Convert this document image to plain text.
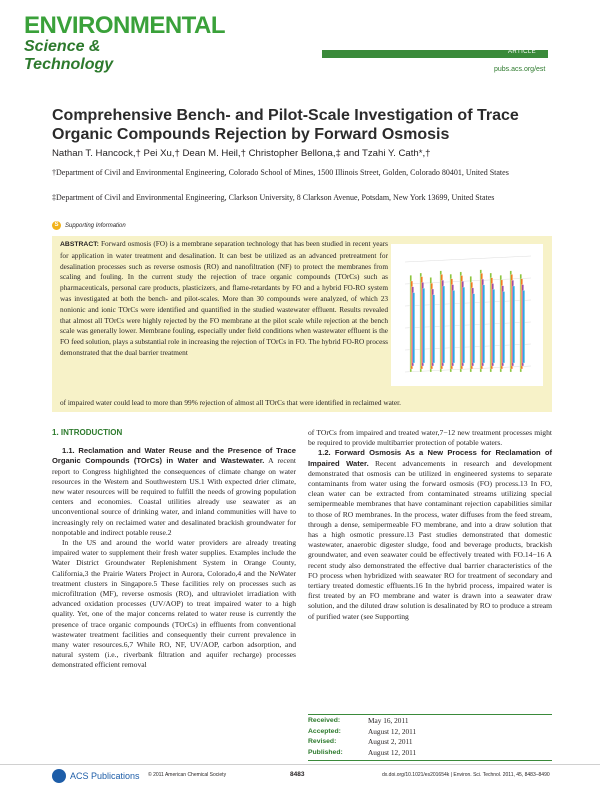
ENVIRONMENTAL
Science & Technology
ARTICLE
pubs.acs.org/est
Comprehensive Bench- and Pilot-Scale Investigation of Trace Organic Compounds Rejection by Forward Osmosis
Nathan T. Hancock,† Pei Xu,† Dean M. Heil,† Christopher Bellona,‡ and Tzahi Y. Cath*,†
†Department of Civil and Environmental Engineering, Colorado School of Mines, 1500 Illinois Street, Golden, Colorado 80401, United States
‡Department of Civil and Environmental Engineering, Clarkson University, 8 Clarkson Avenue, Potsdam, New York 13699, United States
S	Supporting Information
ABSTRACT: Forward osmosis (FO) is a membrane separation technology that has been studied in recent years for application in water treatment and desalination. It can best be utilized as an advanced pretreatment for desalination processes such as reverse osmosis (RO) and nanofiltration (NF) to protect the membranes from scaling and fouling. In the current study the rejection of trace organic compounds (TOrCs) such as pharmaceuticals, personal care products, plasticizers, and flame-retardants by FO and a hybrid FO-RO system was investigated at both the bench- and pilot-scales. More than 30 compounds were analyzed, of which 23 nonionic and ionic TOrCs were identified and quantified in the studied wastewater effluent. Results revealed that almost all TOrCs were highly rejected by the FO membrane at the pilot scale while rejection at the bench scale was generally lower. Membrane fouling, especially under field conditions when wastewater effluent is the FO feed solution, plays a substantial role in increasing the rejection of TOrCs in FO. The hybrid FO-RO process demonstrated that the dual barrier treatment
of impaired water could lead to more than 99% rejection of almost all TOrCs that were identified in reclaimed water.
1. INTRODUCTION

1.1. Reclamation and Water Reuse and the Presence of Trace Organic Compounds (TOrCs) in Water and Wastewater. A recent report to Congress highlighted the consequences of climate change on water resources in the Western and Southwestern US.1 With expected drier climate, new water resources will be required to fulfill the needs of growing population centers and economies. Coastal utilities already use seawater as an unconventional source of drinking water, and inland communities will have to increasingly rely on reclaimed water and desalinated brackish groundwater for nonpotable and indirect potable reuse.2

In the US and around the world water providers are already treating impaired water to supplement their fresh water supplies. Examples include the Water District Groundwater Replenishment System in Orange County, California,3 the Prairie Waters Project in Aurora, Colorado,4 and the NeWater treatment clusters in Singapore.5 These facilities rely on processes such as microfiltration (MF), reverse osmosis (RO), and ultraviolet irradiation with advanced oxidation processes (UV/AOP) to treat impaired water to a high quality. Yet, one of the major concerns related to water reuse is currently the presence of trace organic compounds (TOrCs) in effluents from conventional wastewater treatment facilities and consequently their current prevalence in many water resources.6,7 While RO, NF, UV/AOP, carbon adsorption, and natural system (i.e., riverbank filtration and aquifer recharge) processes demonstrated efficient removal

of TOrCs from impaired and treated water,7−12 new treatment processes might be required to provide multibarrier protection of potable waters.

1.2. Forward Osmosis As a New Process for Reclamation of Impaired Water. Recent advancements in research and development demonstrated that osmosis can be utilized in engineered systems to separate contaminants from water using the forward osmosis (FO) process.13 In FO, clean water can be extracted from contaminated streams utilizing special semipermeable membranes that have contaminant rejection capabilities similar to those of RO membranes. In the process, water diffuses from the feed stream, through a dense, semipermeable FO membrane, and into a draw solution that has a high osmotic pressure.13 Past studies demonstrated that domestic wastewater, anaerobic digester sludge, food and beverage products, brackish groundwater, and even seawater could be effectively treated with FO.14−16 A recent study also demonstrated the effective dual barrier characteristics of the FO process when hybridized with seawater RO for treatment of secondary and tertiary treated domestic effluents.16 In the hybrid process, impaired water is first treated by an FO membrane and water is drawn into a seawater draw solution, and the diluted draw solution is desalinated by RO to produce a stream of purified water (see Supporting

Received:	May 16, 2011
Accepted:	August 12, 2011
Revised:	August 2, 2011
Published:	August 12, 2011
ACS Publications © 2011 American Chemical Society	8483	dx.doi.org/10.1021/es201654k | Environ. Sci. Technol. 2011, 45, 8483–8490
